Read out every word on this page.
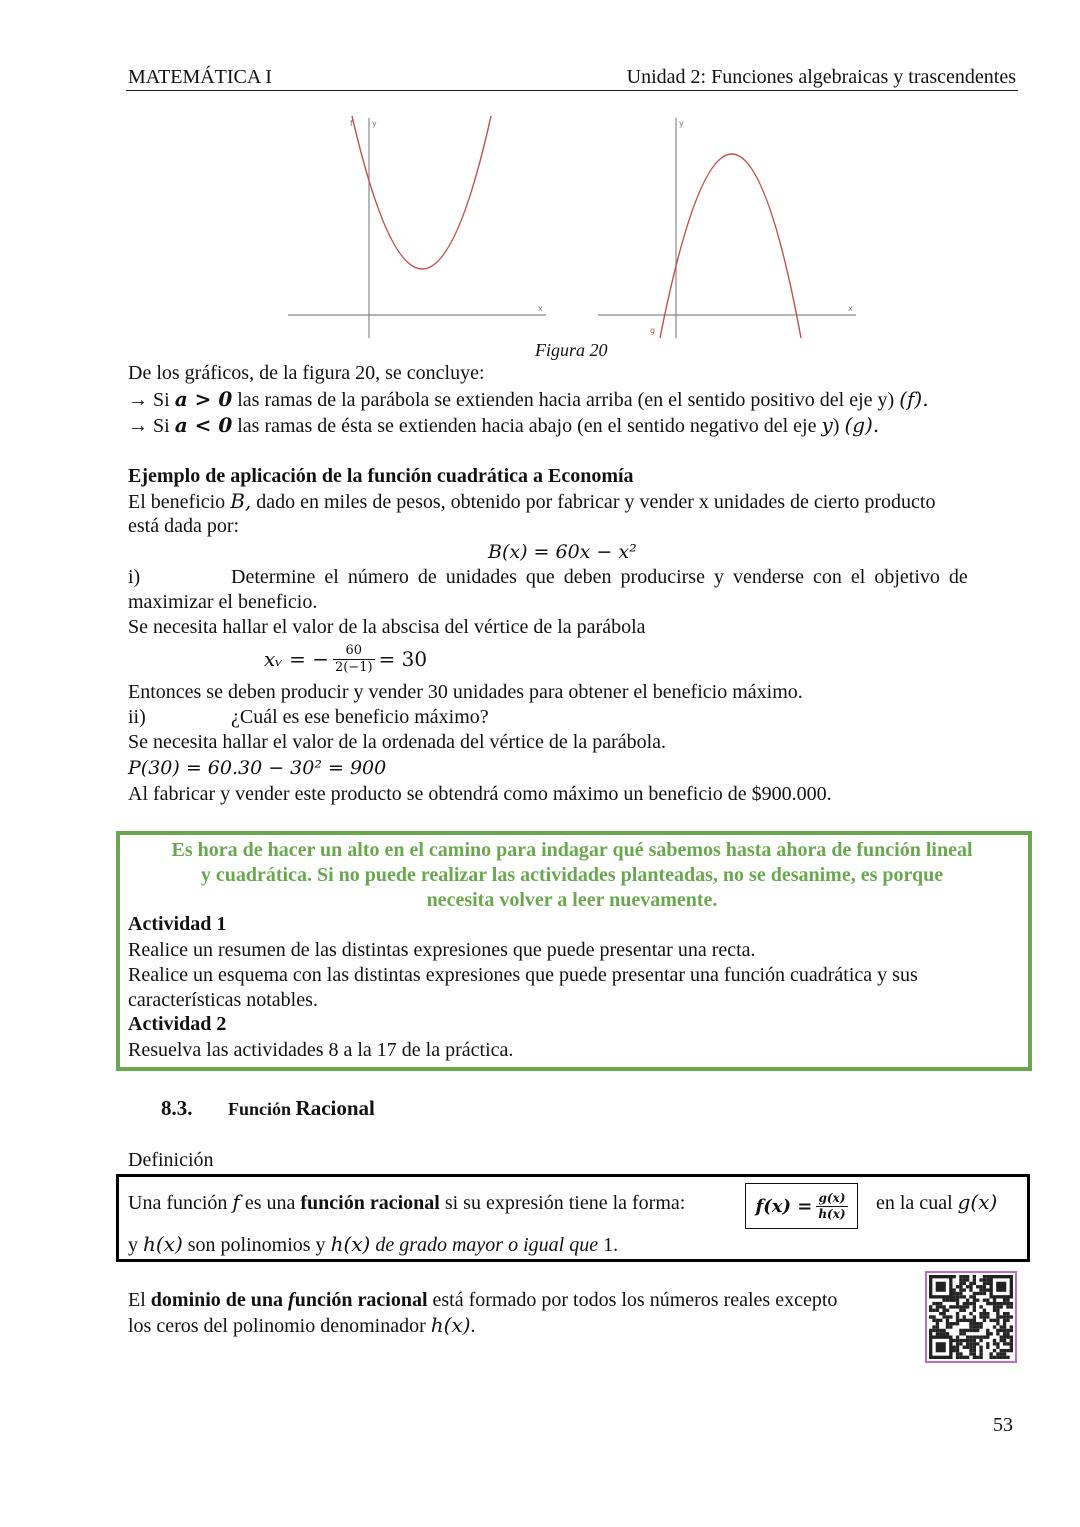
MATEMÁTICA I	Unidad 2: Funciones algebraicas y trascendentes
y
f
x
y
x
g
Figura 20
De los gráficos, de la figura 20, se concluye:
→ Si a > 0 las ramas de la parábola se extienden hacia arriba (en el sentido positivo del eje y) (f).
→ Si a < 0 las ramas de ésta se extienden hacia abajo (en el sentido negativo del eje y) (g).
Ejemplo de aplicación de la función cuadrática a Economía
El beneficio B, dado en miles de pesos, obtenido por fabricar y vender x unidades de cierto producto
está dada por:
B(x) = 60x − x²
i)	Determine el número de unidades que deben producirse y venderse con el objetivo de
maximizar el beneficio.
Se necesita hallar el valor de la abscisa del vértice de la parábola
xᵥ = − $\frac{60}{2(-1)} = 30$
Entonces se deben producir y vender 30 unidades para obtener el beneficio máximo.
ii)	¿Cuál es ese beneficio máximo?
Se necesita hallar el valor de la ordenada del vértice de la parábola.
P(30) = 60.30 − 30² = 900
Al fabricar y vender este producto se obtendrá como máximo un beneficio de $900.000.
Es hora de hacer un alto en el camino para indagar qué sabemos hasta ahora de función lineal
y cuadrática. Si no puede realizar las actividades planteadas, no se desanime, es porque
necesita volver a leer nuevamente.
Actividad 1
Realice un resumen de las distintas expresiones que puede presentar una recta.
Realice un esquema con las distintas expresiones que puede presentar una función cuadrática y sus
características notables.
Actividad 2
Resuelva las actividades 8 a la 17 de la práctica.
8.3. Función Racional
Definición
Una función f es una función racional si su expresión tiene la forma:	$f(x) = \frac{g(x)}{h(x)}$ en la cual g(x)
y h(x) son polinomios y h(x) de grado mayor o igual que 1.
El dominio de una función racional está formado por todos los números reales excepto
los ceros del polinomio denominador h(x).
53
